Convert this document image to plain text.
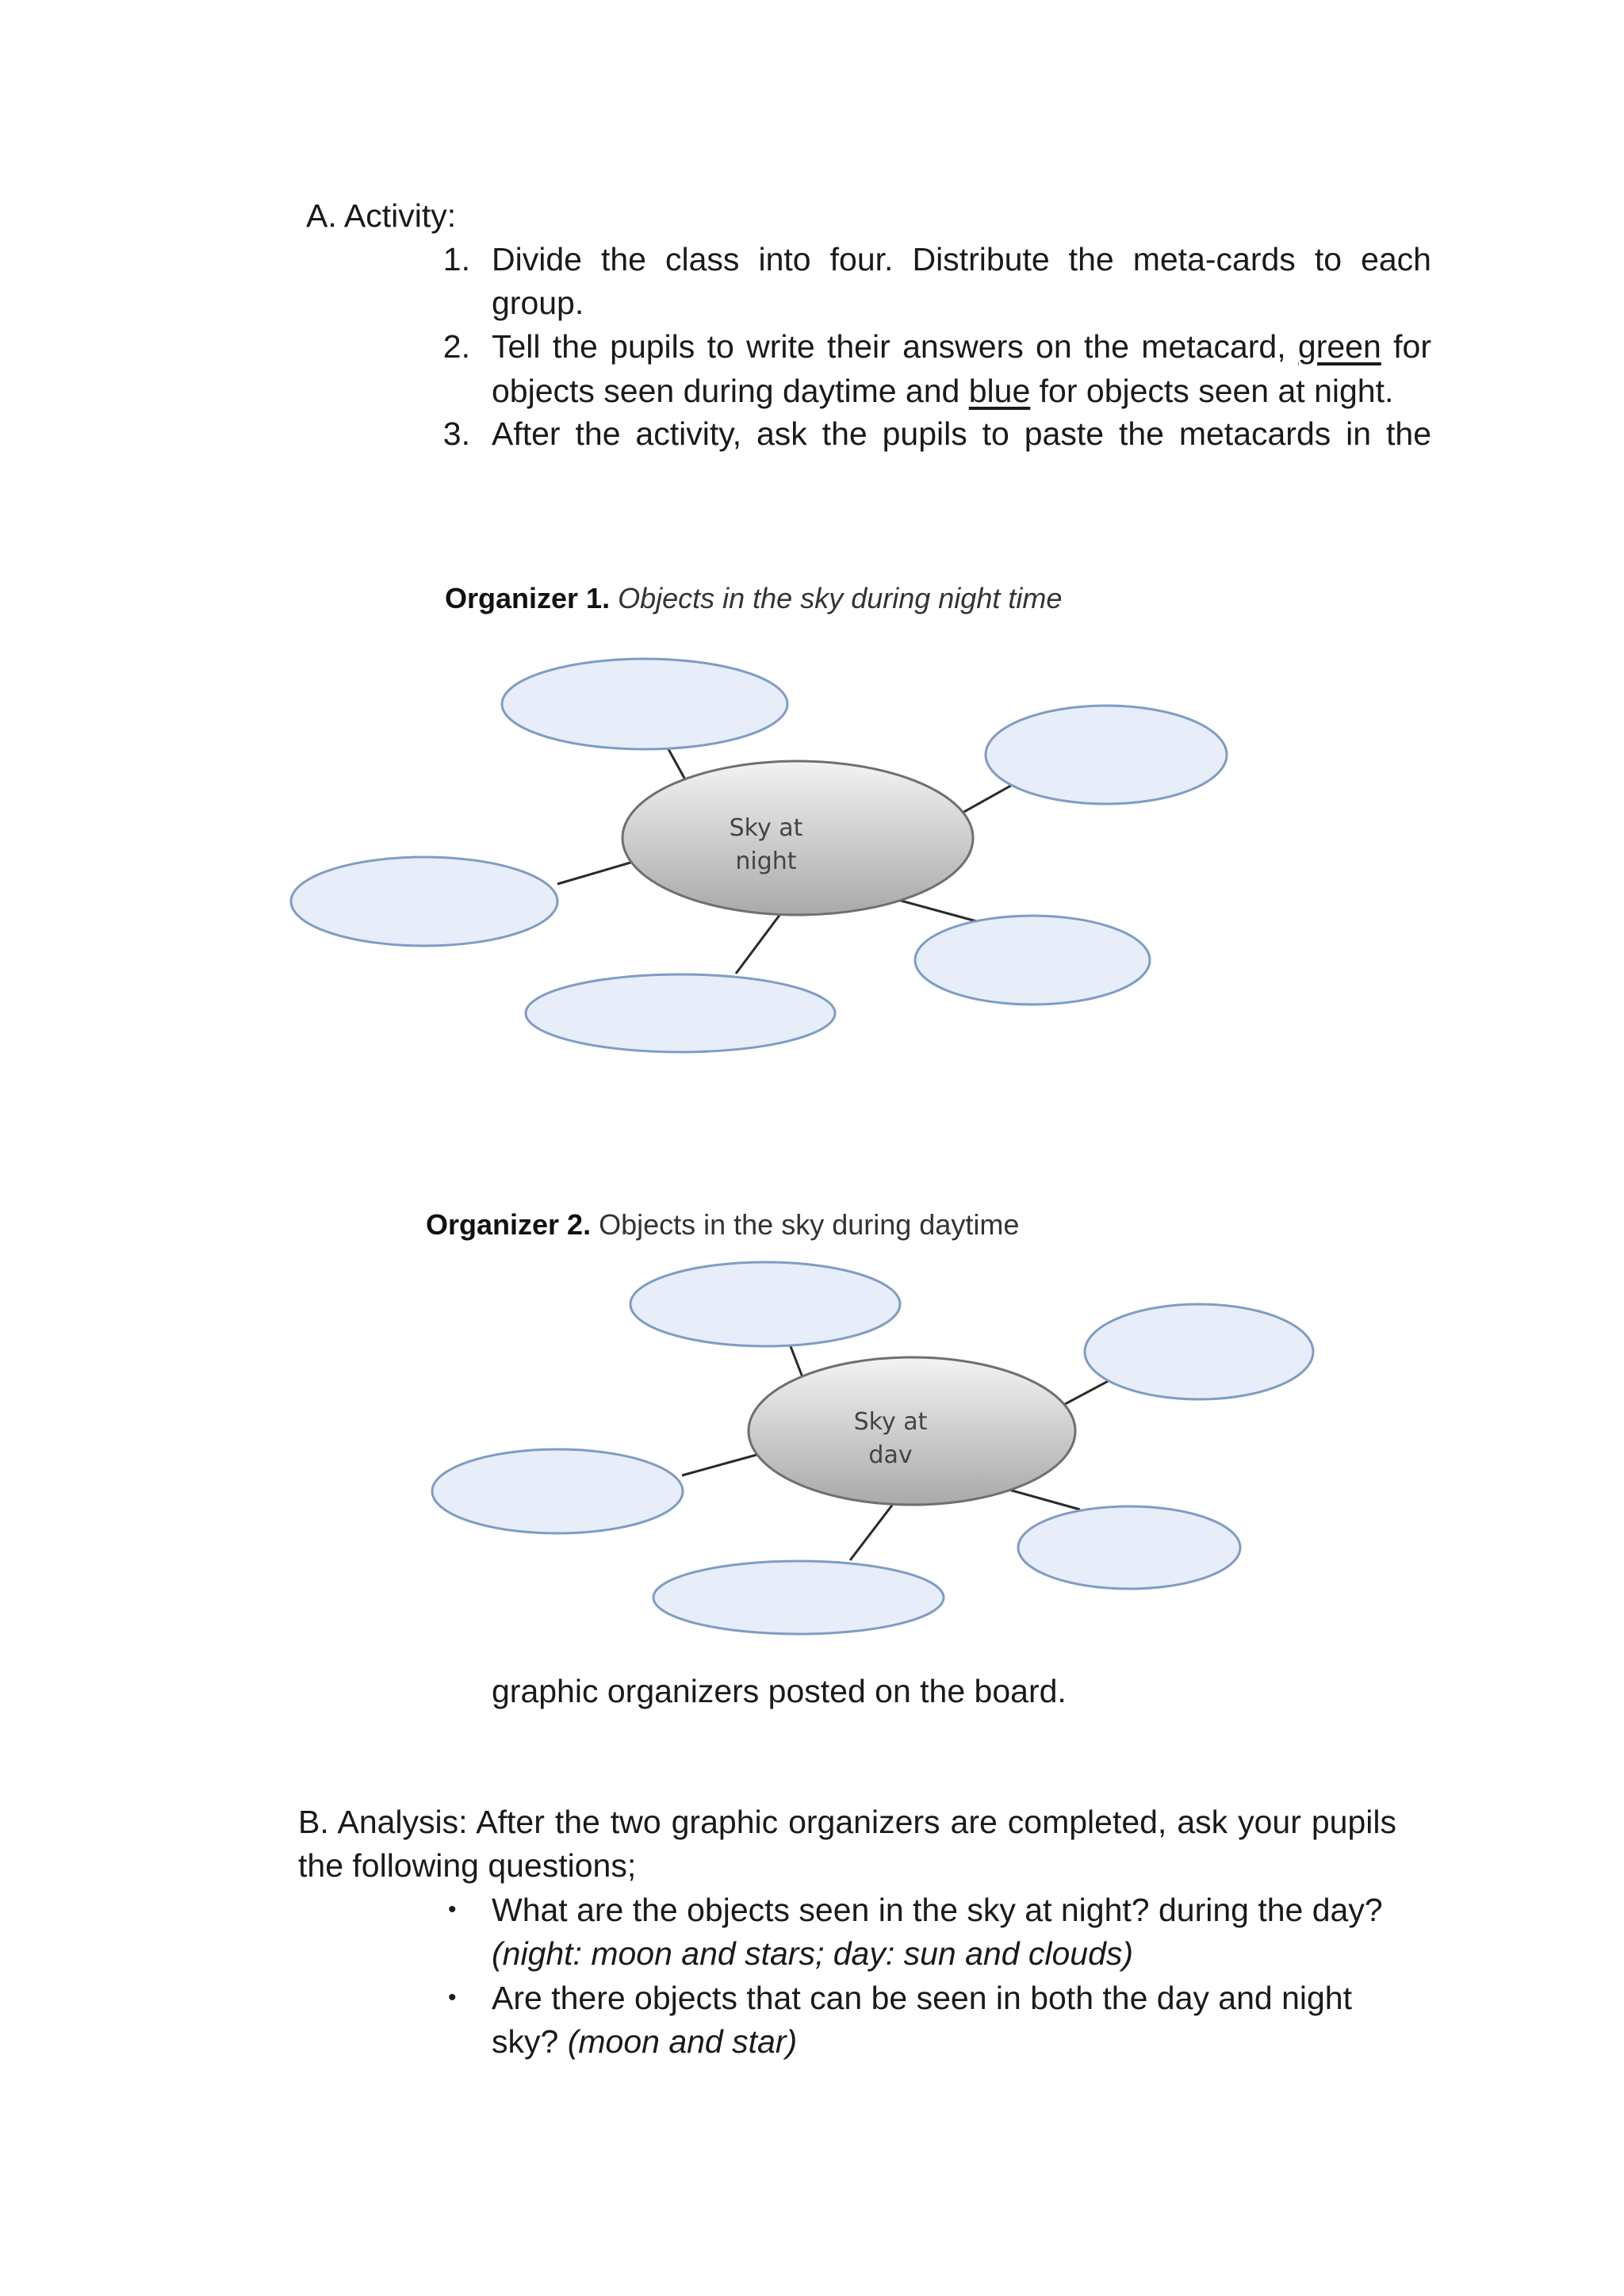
A. Activity:
1. Divide the class into four. Distribute the meta-cards to each
group.
2. Tell the pupils to write their answers on the metacard, green for
objects seen during daytime and blue for objects seen at night.
3. After the activity, ask the pupils to paste the metacards in the
Organizer 1. Objects in the sky during night time
Sky at
night
Organizer 2. Objects in the sky during daytime
Sky at
dav
graphic organizers posted on the board.
B. Analysis: After the two graphic organizers are completed, ask your pupils
the following questions;
• What are the objects seen in the sky at night? during the day?
(night: moon and stars; day: sun and clouds)
• Are there objects that can be seen in both the day and night
sky? (moon and star)
